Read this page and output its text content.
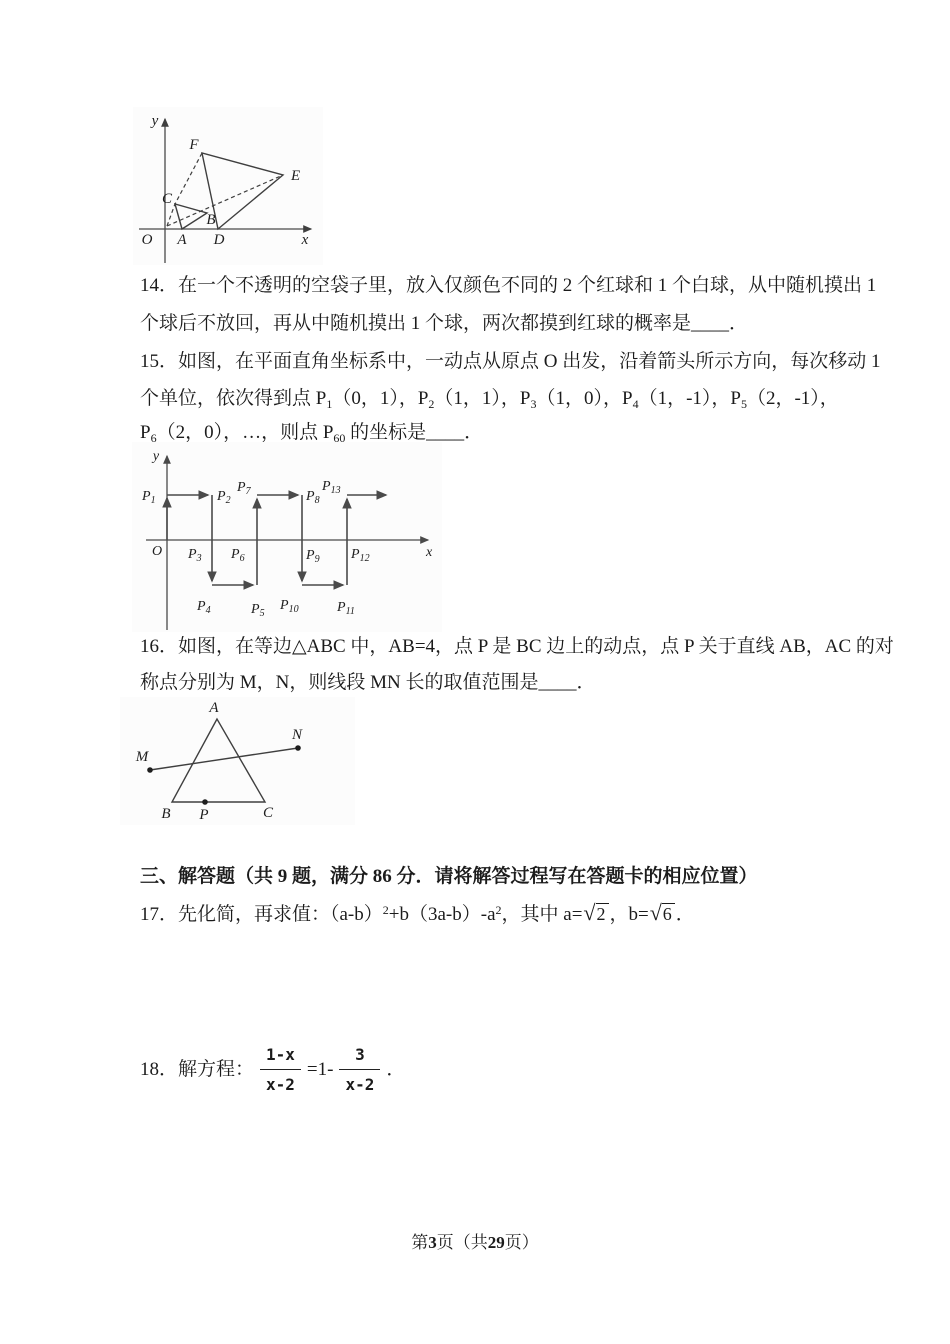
y
x
O A D
B
C
F
E
14．在一个不透明的空袋子里，放入仅颜色不同的 2 个红球和 1 个白球，从中随机摸出 1
个球后不放回，再从中随机摸出 1 个球，两次都摸到红球的概率是____．
15．如图，在平面直角坐标系中，一动点从原点 O 出发，沿着箭头所示方向，每次移动 1
个单位，依次得到点 $P_1(0$，1），$P_2(1$，1），$P_3(1$，0），$P_4(1$，-1），$P_5(2$，-1），
$P_6(2$，0），…，则点 $P_{60}$ 的坐标是____．
O	x
y
$P_1$	$P_2$
$P_3$
$P_4$	$P_5$
$P_6$
$P_7$	$P_8$
$P_9$
$P_{10}$	$P_{11}$
$P_{12}$
$P_{13}$
16．如图，在等边△ABC 中，AB=4，点 P 是 BC 边上的动点，点 P 关于直线 AB，AC 的对
称点分别为 M，N，则线段 MN 长的取值范围是____．
A
B	C
P
M
N
三、解答题（共 9 题，满分 86 分．请将解答过程写在答题卡的相应位置）
17．先化简，再求值：$(a-b)^2+b(3a-b)-a^2$，其中 a= √ 2 ，b= √ 6 ．
18．解方程： $\frac{1-x}{x-2} =1- \frac{3}{x-2}$ ．
第3页（共29页）
